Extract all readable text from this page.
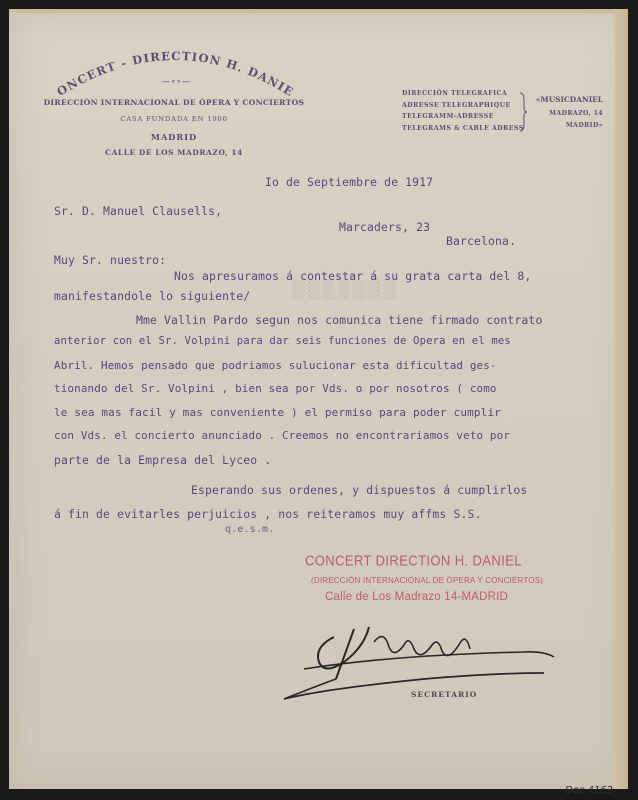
ONCERT - DIRECTION H. DANIE
—∘∘—
DIRECCIÓN INTERNACIONAL DE ÓPERA Y CONCIERTOS
CASA FUNDADA EN 1900
MADRID
CALLE DE LOS MADRAZO, 14
DIRECCIÓN TELEGRAFICA
ADRESSE TELEGRAPHIQUE
TELEGRAMM-ADRESSE
TELEGRAMS & CABLE ADRESS
«MUSICDANIEL
MADRAZO, 14
MADRID»
▒▒▒▒▒▒▒
Io de Septiembre de 1917
Sr. D. Manuel Clausells,
Marcaders, 23
Barcelona.
Muy Sr. nuestro:
Nos apresuramos á contestar á su grata carta del 8,
manifestandole lo siguiente/
Mme Vallin Pardo segun nos comunica tiene firmado contrato
anterior con el Sr. Volpini para dar seis funciones de Opera en el mes
Abril. Hemos pensado que podriamos sulucionar esta dificultad ges-
tionando del Sr. Volpini , bien sea por Vds. o por nosotros ( como
le sea mas facil y mas conveniente ) el permiso para poder cumplir
con Vds. el concierto anunciado . Creemos no encontrariamos veto por
parte de la Empresa del Lyceo .
Esperando sus ordenes, y dispuestos á cumplirlos
á fin de evitarles perjuicios , nos reiteramos muy affms S.S.
q.e.s.m.
CONCERT DIRECTION H. DANIEL
(DIRECCIÓN INTERNACIONAL DE ÓPERA Y CONCIERTOS)
Calle de Los Madrazo 14-MADRID
SECRETARIO
Doc 4162
